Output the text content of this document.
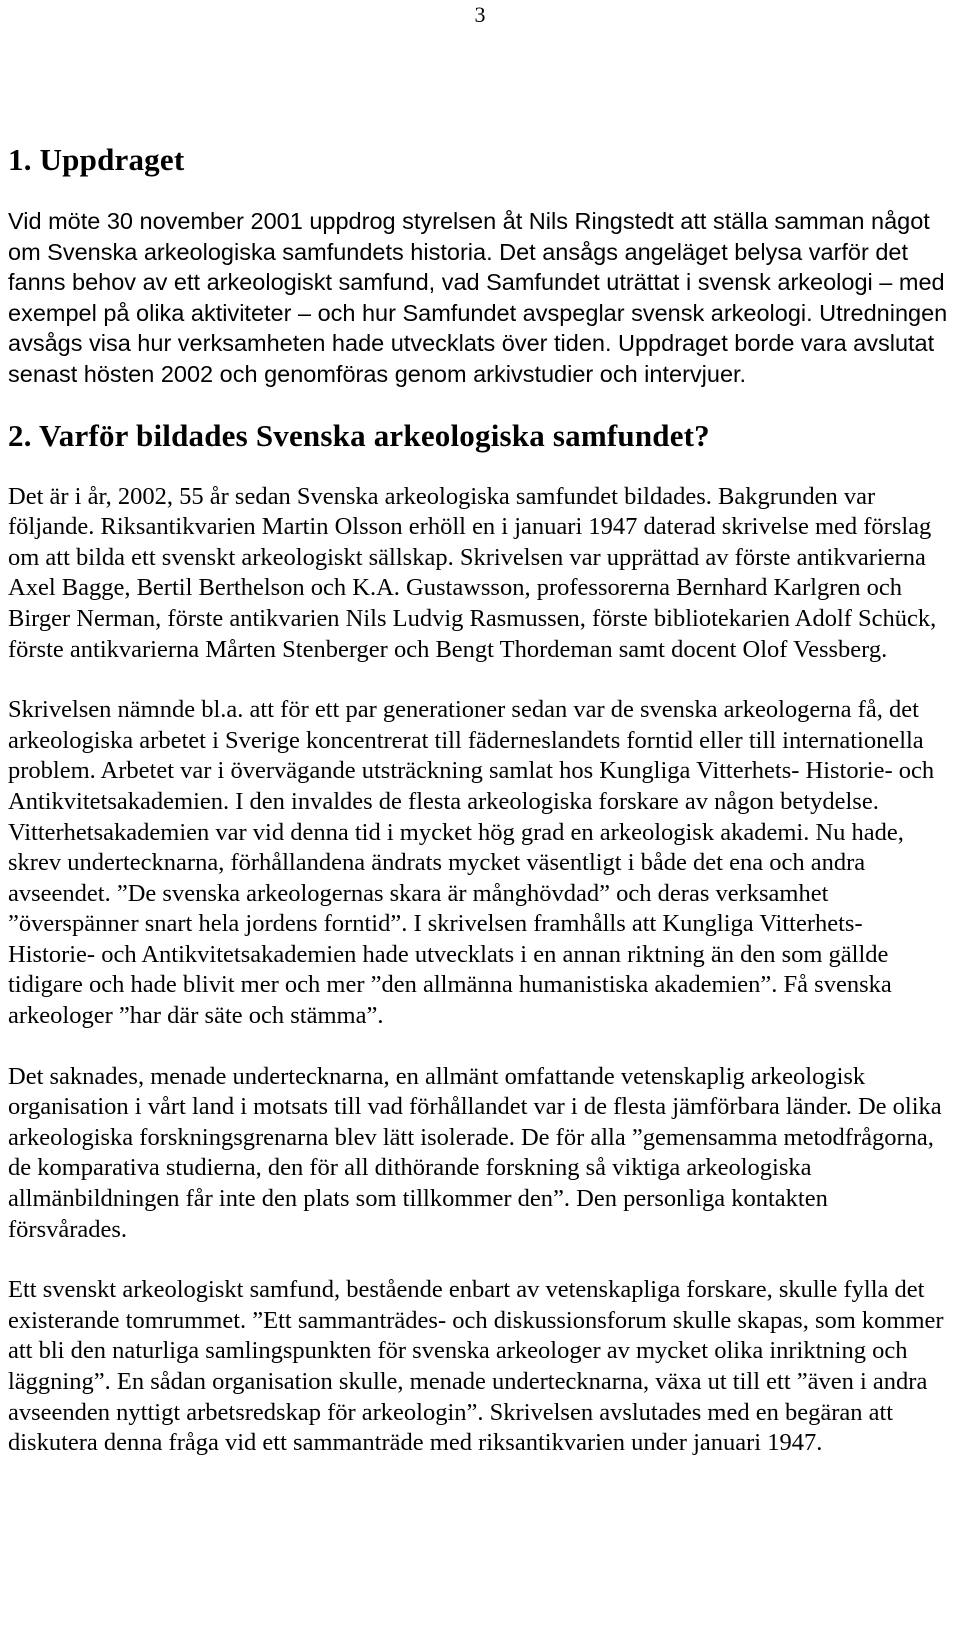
3
1. Uppdraget

Vid möte 30 november 2001 uppdrog styrelsen åt Nils Ringstedt att ställa samman något om Svenska arkeologiska samfundets historia. Det ansågs angeläget belysa varför det fanns behov av ett arkeologiskt samfund, vad Samfundet uträttat i svensk arkeologi – med exempel på olika aktiviteter – och hur Samfundet avspeglar svensk arkeologi. Utredningen avsågs visa hur verksamheten hade utvecklats över tiden. Uppdraget borde vara avslutat senast hösten 2002 och genomföras genom arkivstudier och intervjuer.

2. Varför bildades Svenska arkeologiska samfundet?

Det är i år, 2002, 55 år sedan Svenska arkeologiska samfundet bildades. Bakgrunden var följande. Riksantikvarien Martin Olsson erhöll en i januari 1947 daterad skrivelse med förslag om att bilda ett svenskt arkeologiskt sällskap. Skrivelsen var upprättad av förste antikvarierna Axel Bagge, Bertil Berthelson och K.A. Gustawsson, professorerna Bernhard Karlgren och Birger Nerman, förste antikvarien Nils Ludvig Rasmussen, förste bibliotekarien Adolf Schück, förste antikvarierna Mårten Stenberger och Bengt Thordeman samt docent Olof Vessberg.

Skrivelsen nämnde bl.a. att för ett par generationer sedan var de svenska arkeologerna få, det arkeologiska arbetet i Sverige koncentrerat till fäderneslandets forntid eller till internationella problem. Arbetet var i övervägande utsträckning samlat hos Kungliga Vitterhets- Historie- och Antikvitetsakademien. I den invaldes de flesta arkeologiska forskare av någon betydelse. Vitterhetsakademien var vid denna tid i mycket hög grad en arkeologisk akademi. Nu hade, skrev undertecknarna, förhållandena ändrats mycket väsentligt i både det ena och andra avseendet. ”De svenska arkeologernas skara är månghövdad” och deras verksamhet ”överspänner snart hela jordens forntid”. I skrivelsen framhålls att Kungliga Vitterhets- Historie- och Antikvitetsakademien hade utvecklats i en annan riktning än den som gällde tidigare och hade blivit mer och mer ”den allmänna humanistiska akademien”. Få svenska arkeologer ”har där säte och stämma”.

Det saknades, menade undertecknarna, en allmänt omfattande vetenskaplig arkeologisk organisation i vårt land i motsats till vad förhållandet var i de flesta jämförbara länder. De olika arkeologiska forskningsgrenarna blev lätt isolerade. De för alla ”gemensamma metodfrågorna, de komparativa studierna, den för all dithörande forskning så viktiga arkeologiska allmänbildningen får inte den plats som tillkommer den”. Den personliga kontakten försvårades.

Ett svenskt arkeologiskt samfund, bestående enbart av vetenskapliga forskare, skulle fylla det existerande tomrummet. ”Ett sammanträdes- och diskussionsforum skulle skapas, som kommer att bli den naturliga samlingspunkten för svenska arkeologer av mycket olika inriktning och läggning”. En sådan organisation skulle, menade undertecknarna, växa ut till ett ”även i andra avseenden nyttigt arbetsredskap för arkeologin”. Skrivelsen avslutades med en begäran att diskutera denna fråga vid ett sammanträde med riksantikvarien under januari 1947.
